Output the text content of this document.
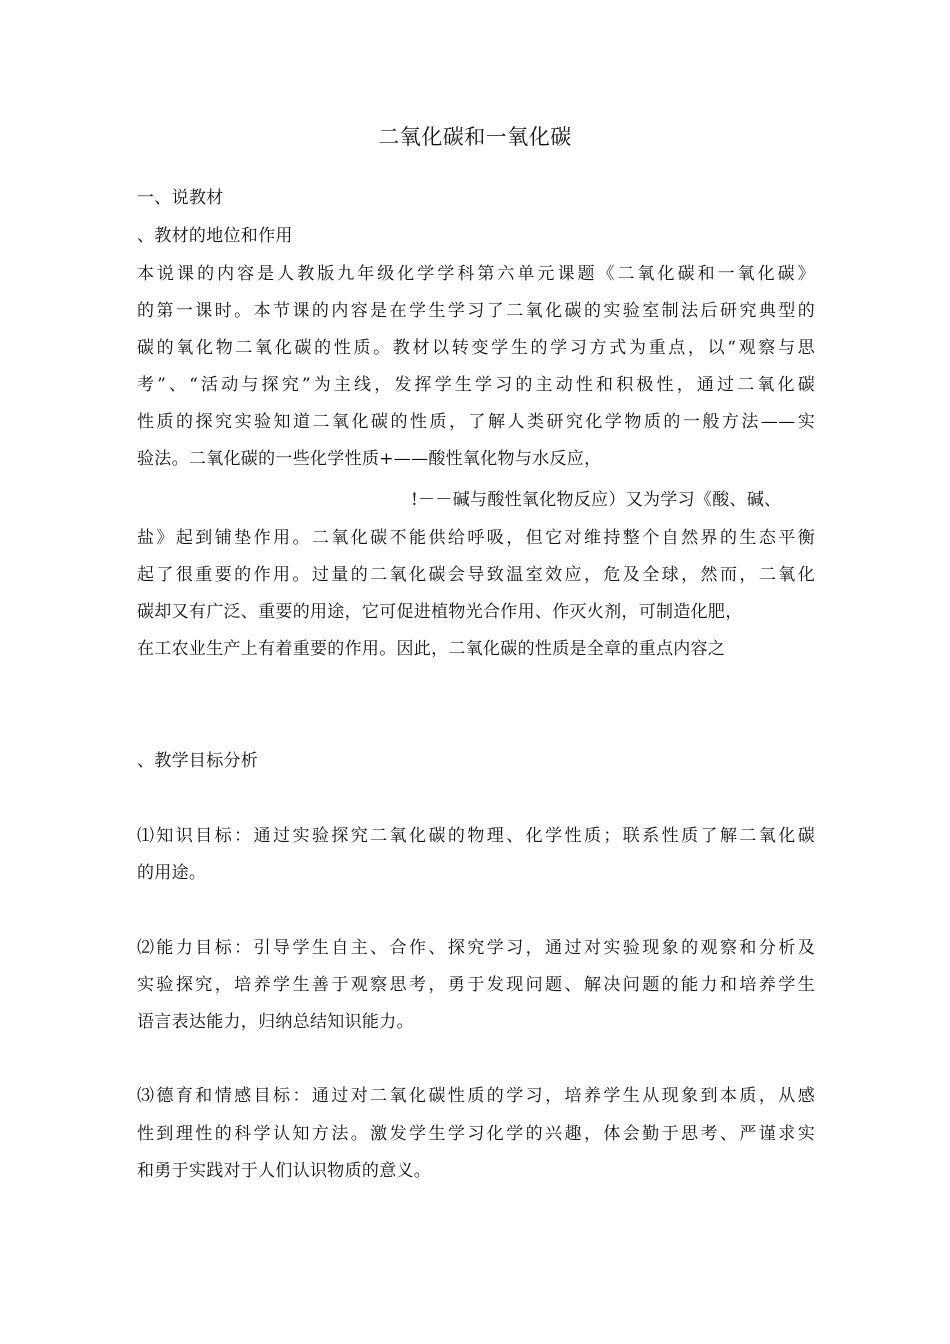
二氧化碳和一氧化碳
一、说教材
、教材的地位和作用
本说课的内容是人教版九年级化学学科第六单元课题《二氧化碳和一氧化碳》
的第一课时。本节课的内容是在学生学习了二氧化碳的实验室制法后研究典型的
碳的氧化物二氧化碳的性质。教材以转变学生的学习方式为重点，以“观察与思
考”、“活动与探究”为主线，发挥学生学习的主动性和积极性，通过二氧化碳
性质的探究实验知道二氧化碳的性质，了解人类研究化学物质的一般方法——实
验法。二氧化碳的一些化学性质+——酸性氧化物与水反应，
!－－碱与酸性氧化物反应）又为学习《酸、碱、
盐》起到铺垫作用。二氧化碳不能供给呼吸，但它对维持整个自然界的生态平衡
起了很重要的作用。过量的二氧化碳会导致温室效应，危及全球，然而，二氧化
碳却又有广泛、重要的用途，它可促进植物光合作用、作灭火剂，可制造化肥，
在工农业生产上有着重要的作用。因此，二氧化碳的性质是全章的重点内容之
、教学目标分析
⑴知识目标：通过实验探究二氧化碳的物理、化学性质；联系性质了解二氧化碳
的用途。
⑵能力目标：引导学生自主、合作、探究学习，通过对实验现象的观察和分析及
实验探究，培养学生善于观察思考，勇于发现问题、解决问题的能力和培养学生
语言表达能力，归纳总结知识能力。
⑶德育和情感目标：通过对二氧化碳性质的学习，培养学生从现象到本质，从感
性到理性的科学认知方法。激发学生学习化学的兴趣，体会勤于思考、严谨求实
和勇于实践对于人们认识物质的意义。
